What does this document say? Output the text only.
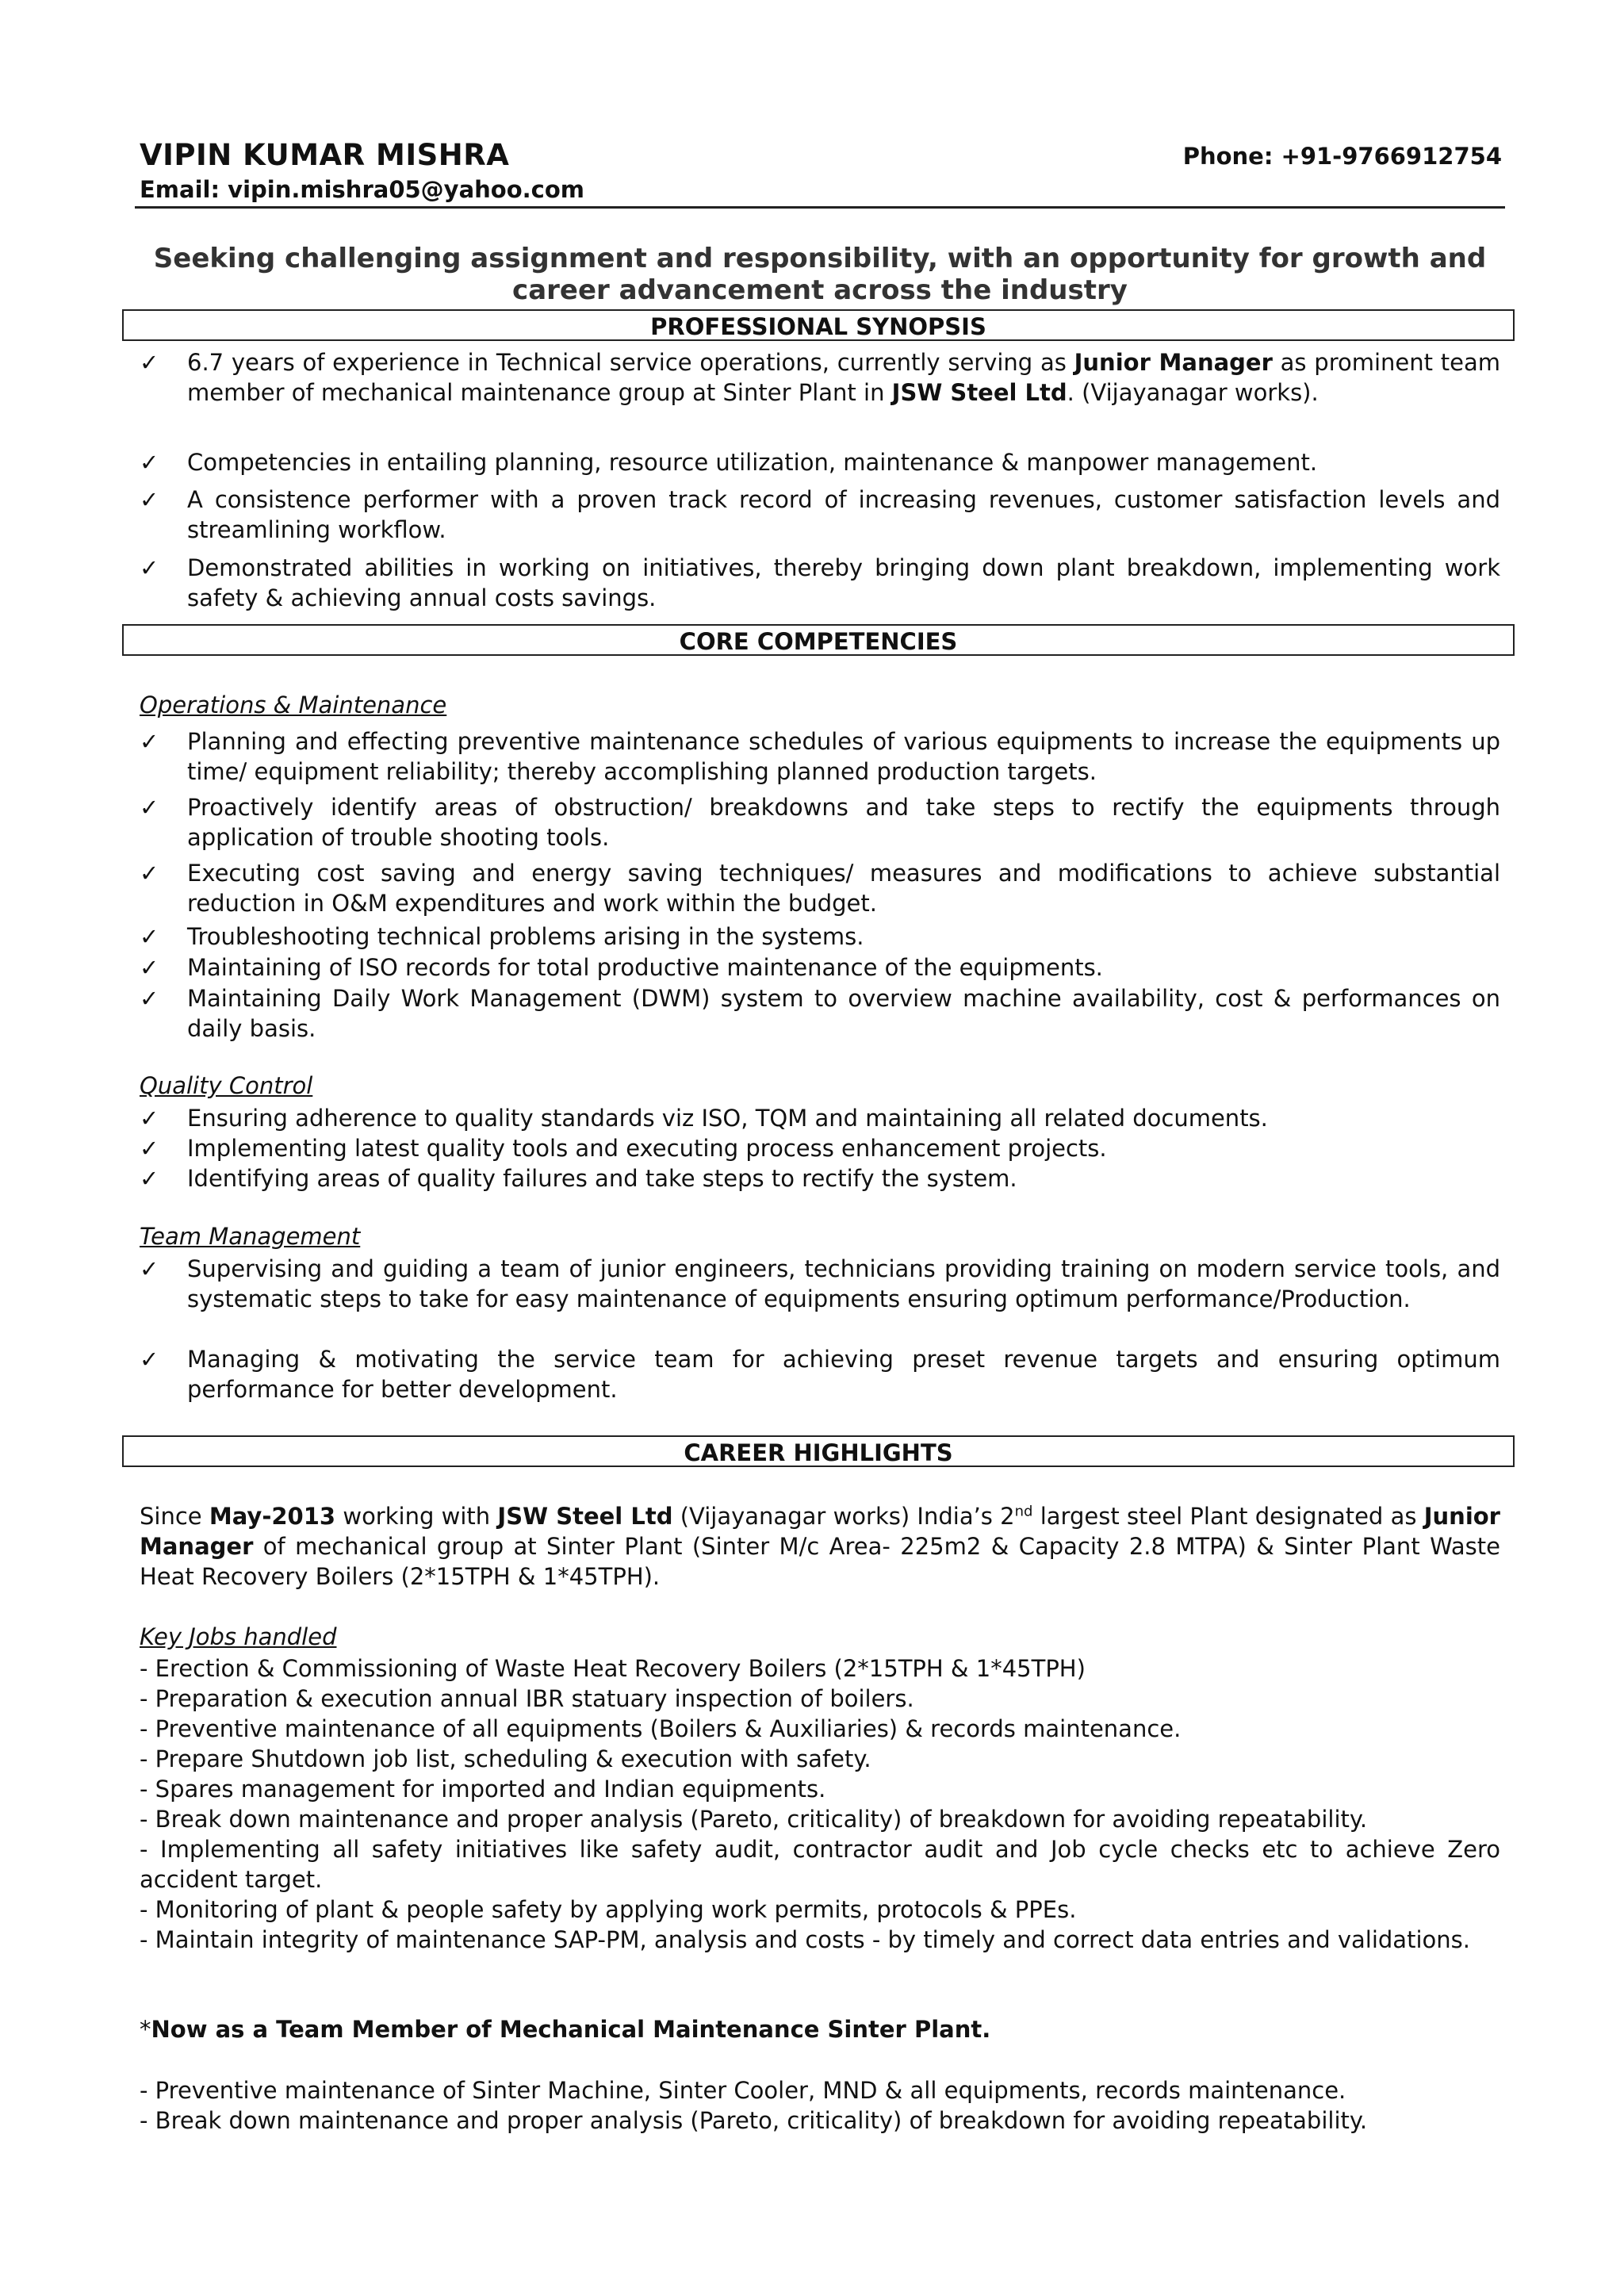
VIPIN KUMAR MISHRA	Phone: +91-9766912754
Email: vipin.mishra05@yahoo.com
Seeking challenging assignment and responsibility, with an opportunity for growth and career advancement across the industry
PROFESSIONAL SYNOPSIS
✓	6.7 years of experience in Technical service operations, currently serving as Junior Manager as prominent team member of mechanical maintenance group at Sinter Plant in JSW Steel Ltd. (Vijayanagar works).
✓	Competencies in entailing planning, resource utilization, maintenance & manpower management.
✓	A consistence performer with a proven track record of increasing revenues, customer satisfaction levels and streamlining workflow.
✓	Demonstrated abilities in working on initiatives, thereby bringing down plant breakdown, implementing work safety & achieving annual costs savings.
CORE COMPETENCIES
Operations & Maintenance
✓	Planning and effecting preventive maintenance schedules of various equipments to increase the equipments up time/ equipment reliability; thereby accomplishing planned production targets.
✓	Proactively identify areas of obstruction/ breakdowns and take steps to rectify the equipments through application of trouble shooting tools.
✓	Executing cost saving and energy saving techniques/ measures and modifications to achieve substantial reduction in O&M expenditures and work within the budget.
✓	Troubleshooting technical problems arising in the systems.
✓	Maintaining of ISO records for total productive maintenance of the equipments.
✓	Maintaining Daily Work Management (DWM) system to overview machine availability, cost & performances on daily basis.
Quality Control
✓	Ensuring adherence to quality standards viz ISO, TQM and maintaining all related documents.
✓	Implementing latest quality tools and executing process enhancement projects.
✓	Identifying areas of quality failures and take steps to rectify the system.
Team Management
✓	Supervising and guiding a team of junior engineers, technicians providing training on modern service tools, and systematic steps to take for easy maintenance of equipments ensuring optimum performance/Production.
✓	Managing & motivating the service team for achieving preset revenue targets and ensuring optimum performance for better development.
CAREER HIGHLIGHTS
Since May-2013 working with JSW Steel Ltd (Vijayanagar works) India’s 2nd largest steel Plant designated as Junior Manager of mechanical group at Sinter Plant (Sinter M/c Area- 225m2 & Capacity 2.8 MTPA) & Sinter Plant Waste Heat Recovery Boilers (2*15TPH & 1*45TPH).
Key Jobs handled
- Erection & Commissioning of Waste Heat Recovery Boilers (2*15TPH & 1*45TPH)
- Preparation & execution annual IBR statuary inspection of boilers.
- Preventive maintenance of all equipments (Boilers & Auxiliaries) & records maintenance.
- Prepare Shutdown job list, scheduling & execution with safety.
- Spares management for imported and Indian equipments.
- Break down maintenance and proper analysis (Pareto, criticality) of breakdown for avoiding repeatability.
- Implementing all safety initiatives like safety audit, contractor audit and Job cycle checks etc to achieve Zero accident target.
- Monitoring of plant & people safety by applying work permits, protocols & PPEs.
- Maintain integrity of maintenance SAP-PM, analysis and costs - by timely and correct data entries and validations.
*Now as a Team Member of Mechanical Maintenance Sinter Plant.
- Preventive maintenance of Sinter Machine, Sinter Cooler, MND & all equipments, records maintenance.
- Break down maintenance and proper analysis (Pareto, criticality) of breakdown for avoiding repeatability.
